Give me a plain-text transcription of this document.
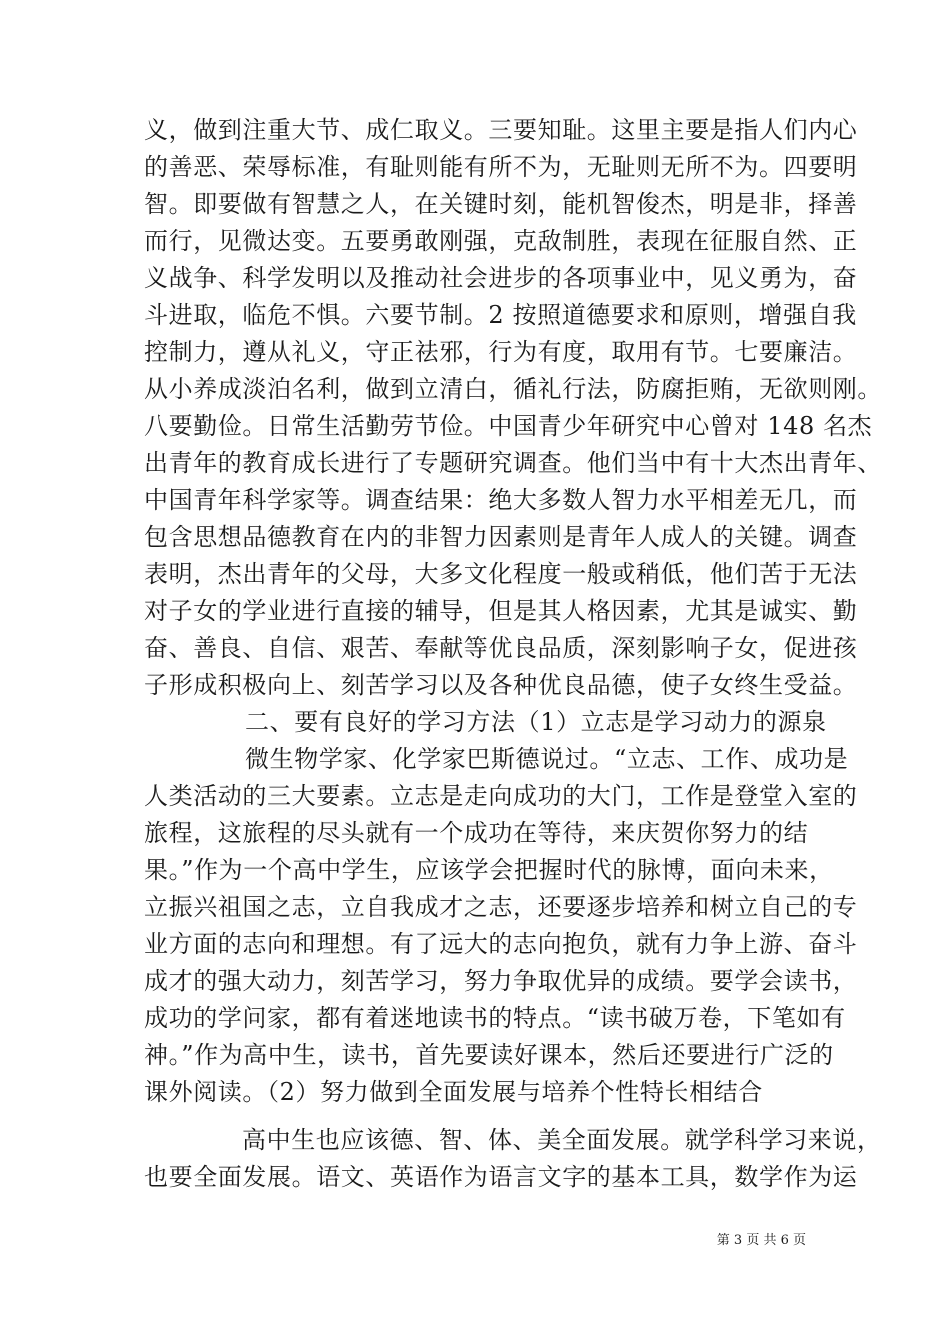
义，做到注重大节、成仁取义。三要知耻。这里主要是指人们内心
的善恶、荣辱标准，有耻则能有所不为，无耻则无所不为。四要明
智。即要做有智慧之人，在关键时刻，能机智俊杰，明是非，择善
而行，见微达变。五要勇敢刚强，克敌制胜，表现在征服自然、正
义战争、科学发明以及推动社会进步的各项事业中，见义勇为，奋
斗进取，临危不惧。六要节制。2 按照道德要求和原则，增强自我
控制力，遵从礼义，守正祛邪，行为有度，取用有节。七要廉洁。
从小养成淡泊名利，做到立清白，循礼行法，防腐拒贿，无欲则刚。
八要勤俭。日常生活勤劳节俭。中国青少年研究中心曾对 148 名杰
出青年的教育成长进行了专题研究调查。他们当中有十大杰出青年、
中国青年科学家等。调查结果：绝大多数人智力水平相差无几，而
包含思想品德教育在内的非智力因素则是青年人成人的关键。调查
表明，杰出青年的父母，大多文化程度一般或稍低，他们苦于无法
对子女的学业进行直接的辅导，但是其人格因素，尤其是诚实、勤
奋、善良、自信、艰苦、奉献等优良品质，深刻影响子女，促进孩
子形成积极向上、刻苦学习以及各种优良品德，使子女终生受益。
二、要有良好的学习方法（1）立志是学习动力的源泉
微生物学家、化学家巴斯德说过。“立志、工作、成功是
人类活动的三大要素。立志是走向成功的大门，工作是登堂入室的
旅程，这旅程的尽头就有一个成功在等待，来庆贺你努力的结
果。”作为一个高中学生，应该学会把握时代的脉博，面向未来，
立振兴祖国之志，立自我成才之志，还要逐步培养和树立自己的专
业方面的志向和理想。有了远大的志向抱负，就有力争上游、奋斗
成才的强大动力，刻苦学习，努力争取优异的成绩。要学会读书，
成功的学问家，都有着迷地读书的特点。“读书破万卷，下笔如有
神。”作为高中生，读书，首先要读好课本，然后还要进行广泛的
课外阅读。（2）努力做到全面发展与培养个性特长相结合
高中生也应该德、智、体、美全面发展。就学科学习来说，
也要全面发展。语文、英语作为语言文字的基本工具，数学作为运
第 3 页 共 6 页
